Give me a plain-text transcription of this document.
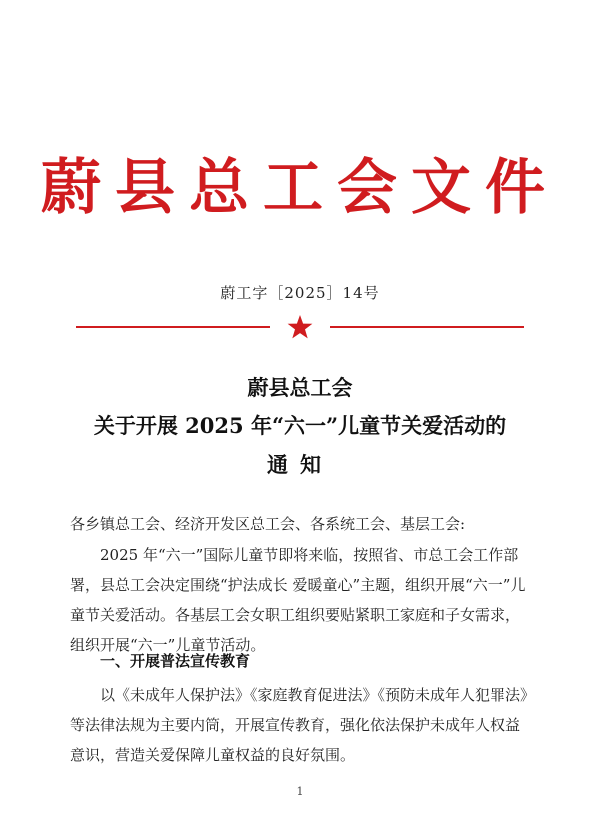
蔚县总工会文件
蔚工字［2025］14号
蔚县总工会
关于开展 2025 年“六一”儿童节关爱活动的
通知
各乡镇总工会、经济开发区总工会、各系统工会、基层工会:
2025 年“六一”国际儿童节即将来临，按照省、市总工会工作部署，县总工会决定围绕“护法成长 爱暖童心”主题，组织开展“六一”儿童节关爱活动。各基层工会女职工组织要贴紧职工家庭和子女需求，组织开展“六一”儿童节活动。
一、开展普法宣传教育
以《未成年人保护法》《家庭教育促进法》《预防未成年人犯罪法》等法律法规为主要内筒，开展宣传教育，强化依法保护未成年人权益意识，营造关爱保障儿童权益的良好氛围。
1
